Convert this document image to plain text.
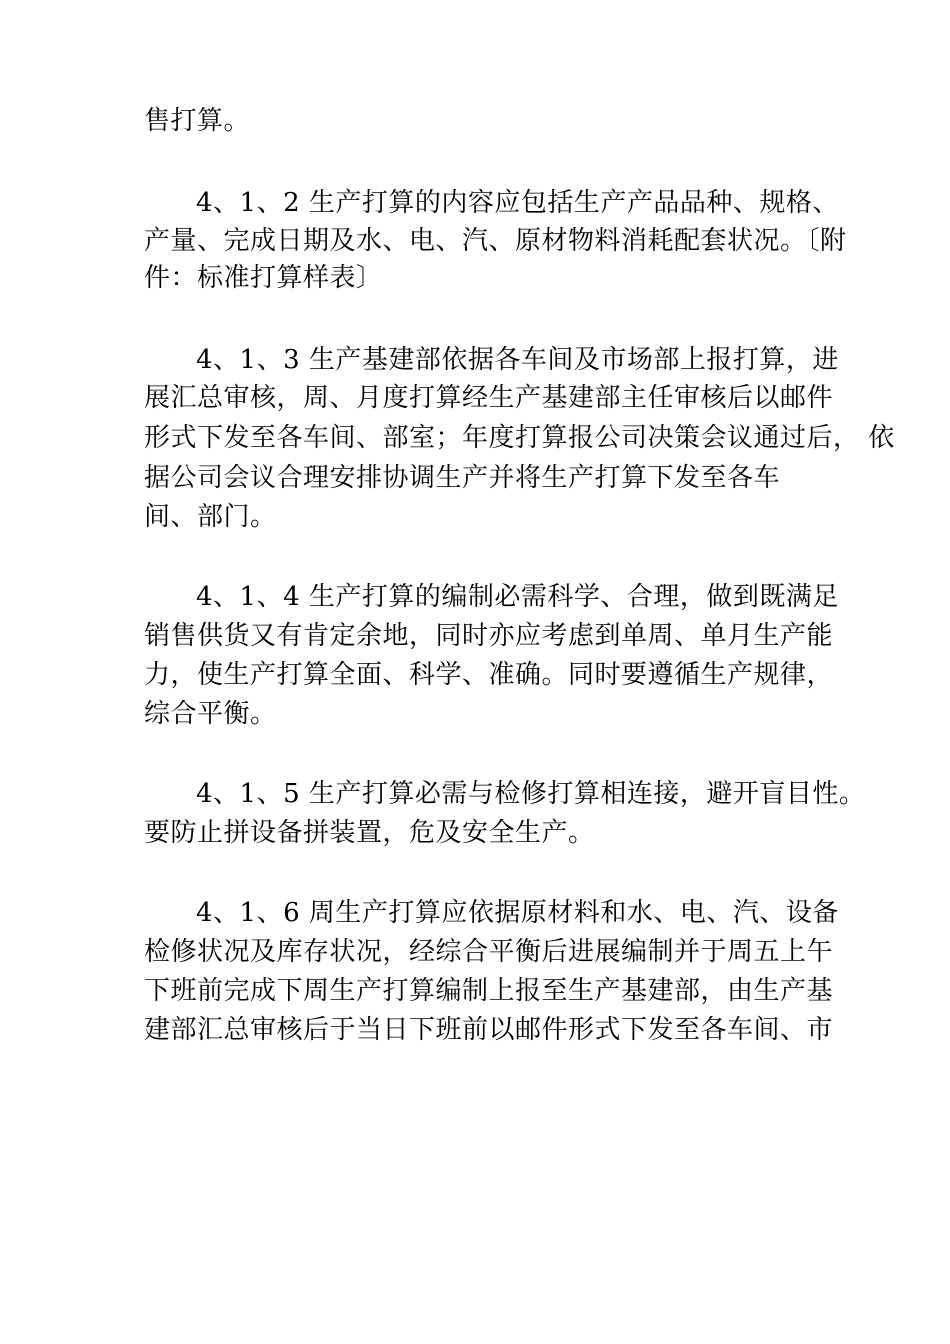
售打算。
4、1、2 生产打算的内容应包括生产产品品种、规格、
产量、完成日期及水、电、汽、原材物料消耗配套状况。〔附
件：标准打算样表〕
4、1、3 生产基建部依据各车间及市场部上报打算，进
展汇总审核，周、月度打算经生产基建部主任审核后以邮件
形式下发至各车间、部室；年度打算报公司决策会议通过后， 依
据公司会议合理安排协调生产并将生产打算下发至各车
间、部门。
4、1、4 生产打算的编制必需科学、合理，做到既满足
销售供货又有肯定余地，同时亦应考虑到单周、单月生产能
力，使生产打算全面、科学、准确。同时要遵循生产规律，
综合平衡。
4、1、5 生产打算必需与检修打算相连接，避开盲目性。
要防止拼设备拼装置，危及安全生产。
4、1、6 周生产打算应依据原材料和水、电、汽、设备
检修状况及库存状况，经综合平衡后进展编制并于周五上午
下班前完成下周生产打算编制上报至生产基建部，由生产基
建部汇总审核后于当日下班前以邮件形式下发至各车间、市
